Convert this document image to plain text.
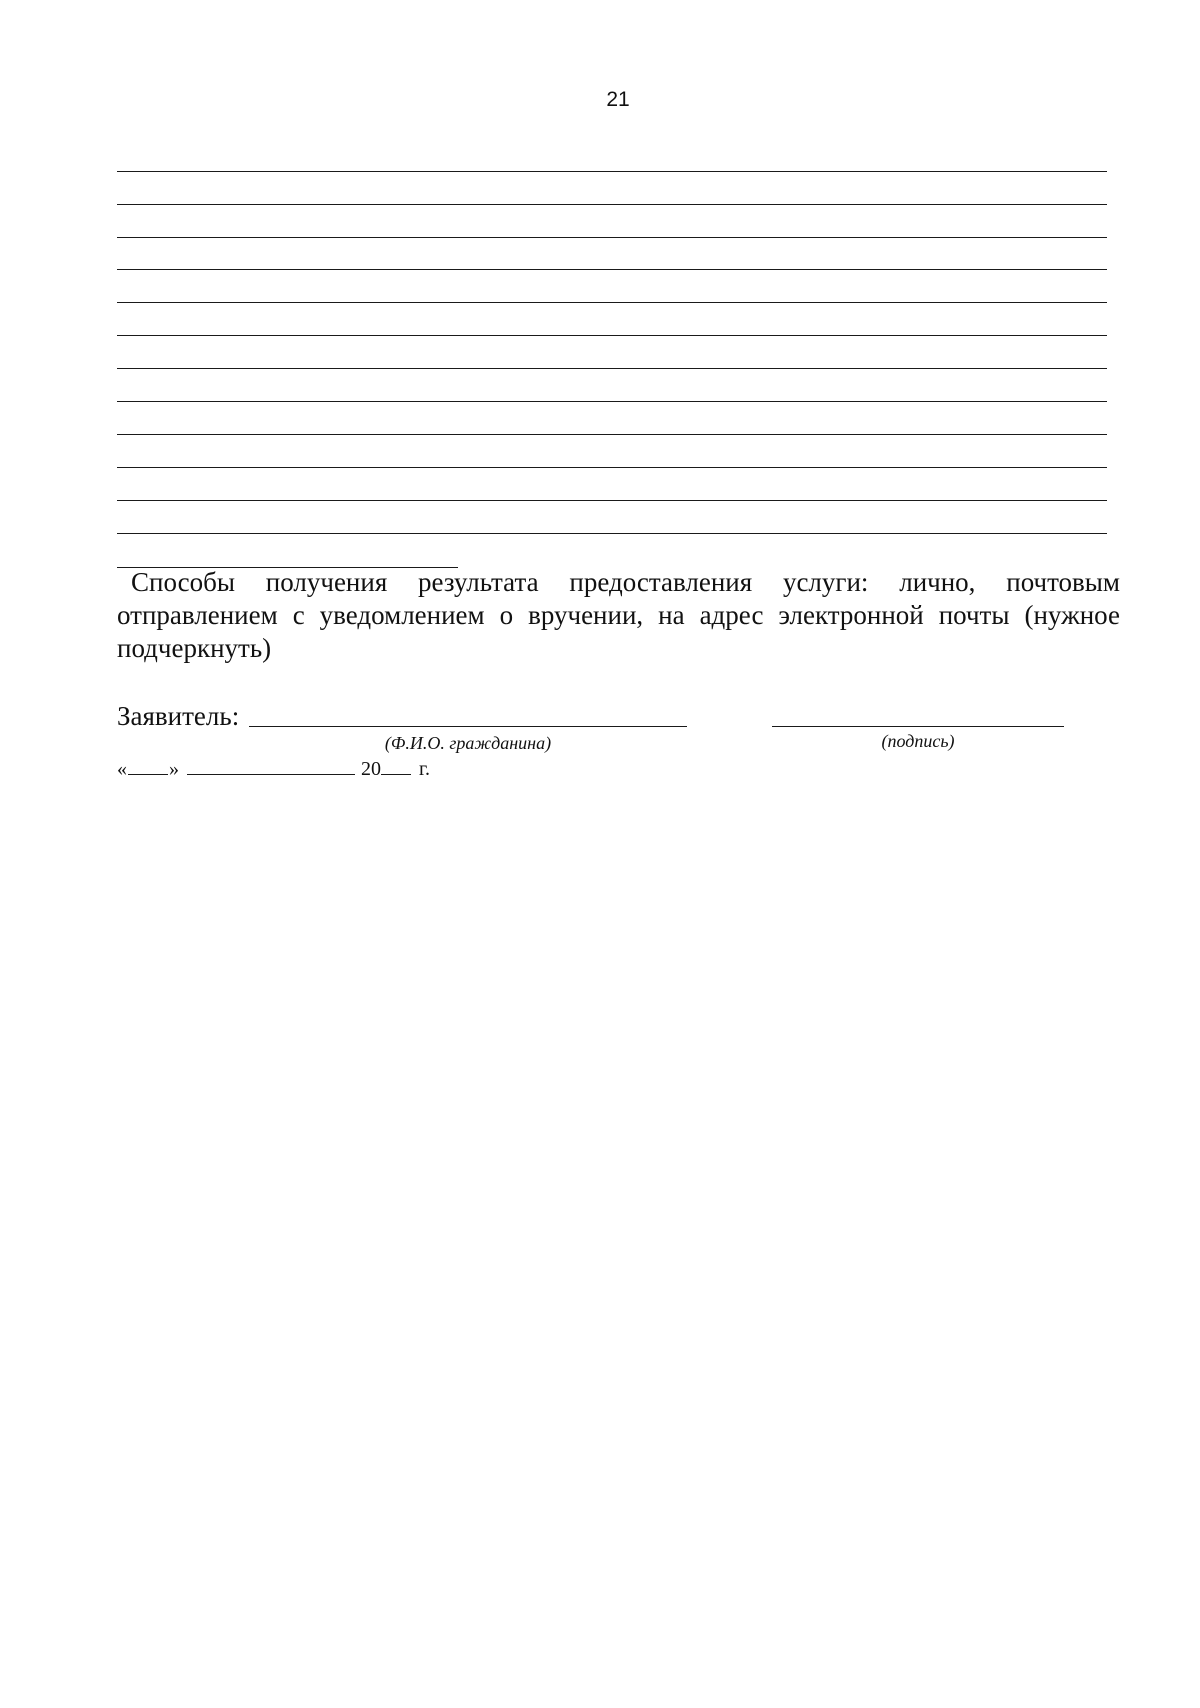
21

Способы получения результата предоставления услуги: лично, почтовым отправлением с уведомлением о вручении, на адрес электронной почты (нужное подчеркнуть)

Заявитель:
(Ф.И.О. гражданина)	(подпись)
« »	20 г.
